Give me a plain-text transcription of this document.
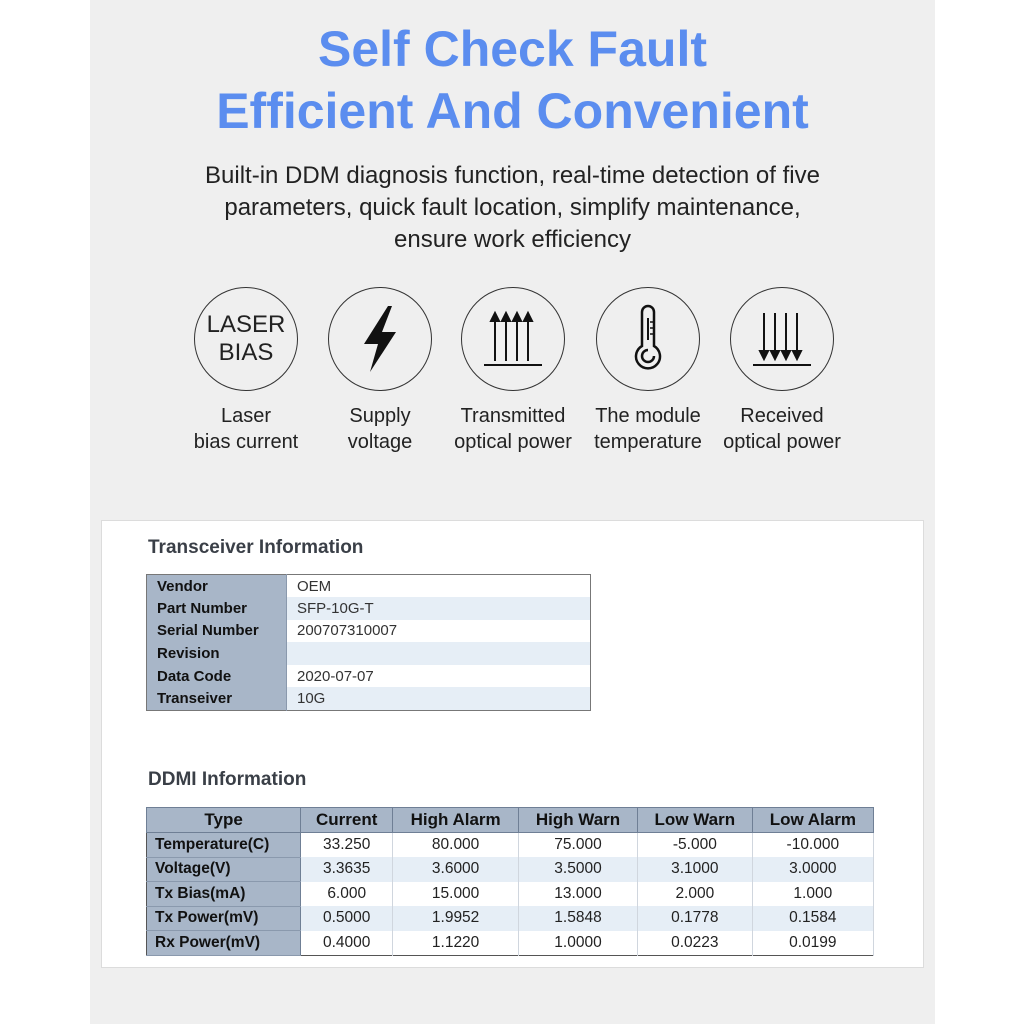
Self Check Fault
Efficient And Convenient
Built-in DDM diagnosis function, real-time detection of five
parameters, quick fault location, simplify maintenance,
ensure work efficiency
LASER
BIAS
Laser
bias current
Supply
voltage
Transmitted
optical power
The module
temperature
Received
optical power
Transceiver Information
Vendor	OEM
Part Number	SFP-10G-T
Serial Number	200707310007
Revision	
Data Code	2020-07-07
Transeiver	10G
DDMI Information
Type	Current	High Alarm	High Warn	Low Warn	Low Alarm
Temperature(C)	33.250	80.000	75.000	-5.000	-10.000
Voltage(V)	3.3635	3.6000	3.5000	3.1000	3.0000
Tx Bias(mA)	6.000	15.000	13.000	2.000	1.000
Tx Power(mV)	0.5000	1.9952	1.5848	0.1778	0.1584
Rx Power(mV)	0.4000	1.1220	1.0000	0.0223	0.0199
